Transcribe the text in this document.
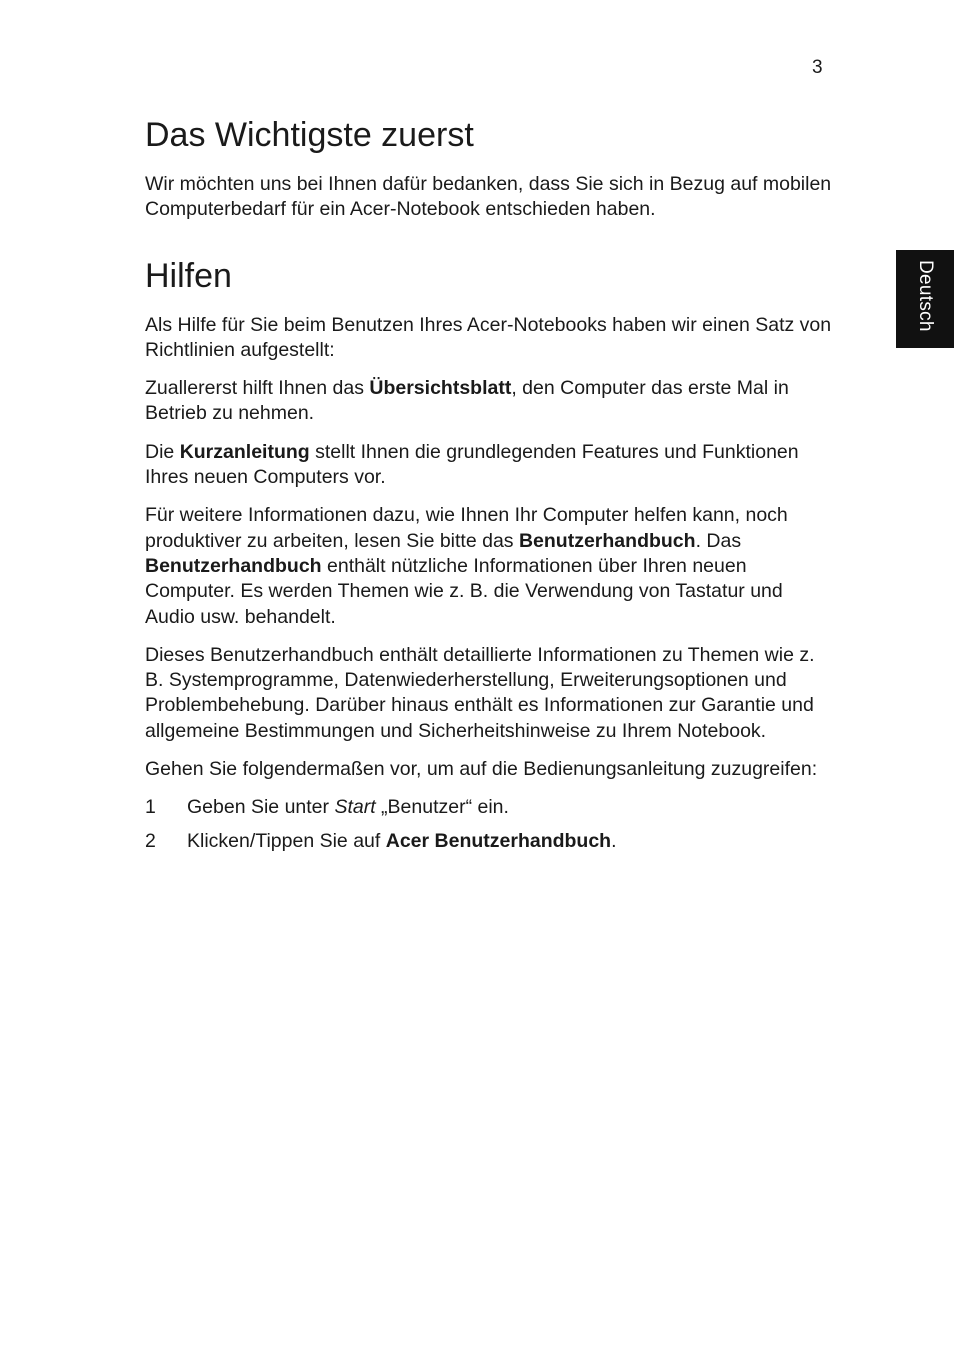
3
Deutsch
Das Wichtigste zuerst

Wir möchten uns bei Ihnen dafür bedanken, dass Sie sich in Bezug auf mobilen Computerbedarf für ein Acer-Notebook entschieden haben.

Hilfen

Als Hilfe für Sie beim Benutzen Ihres Acer-Notebooks haben wir einen Satz von Richtlinien aufgestellt:

Zuallererst hilft Ihnen das Übersichtsblatt, den Computer das erste Mal in Betrieb zu nehmen.

Die Kurzanleitung stellt Ihnen die grundlegenden Features und Funktionen Ihres neuen Computers vor.

Für weitere Informationen dazu, wie Ihnen Ihr Computer helfen kann, noch produktiver zu arbeiten, lesen Sie bitte das Benutzerhandbuch. Das Benutzerhandbuch enthält nützliche Informationen über Ihren neuen Computer. Es werden Themen wie z. B. die Verwendung von Tastatur und Audio usw. behandelt.

Dieses Benutzerhandbuch enthält detaillierte Informationen zu Themen wie z. B. Systemprogramme, Datenwiederherstellung, Erweiterungsoptionen und Problembehebung. Darüber hinaus enthält es Informationen zur Garantie und allgemeine Bestimmungen und Sicherheitshinweise zu Ihrem Notebook.

Gehen Sie folgendermaßen vor, um auf die Bedienungsanleitung zuzugreifen:

1 Geben Sie unter Start „Benutzer“ ein.
2 Klicken/Tippen Sie auf Acer Benutzerhandbuch.
